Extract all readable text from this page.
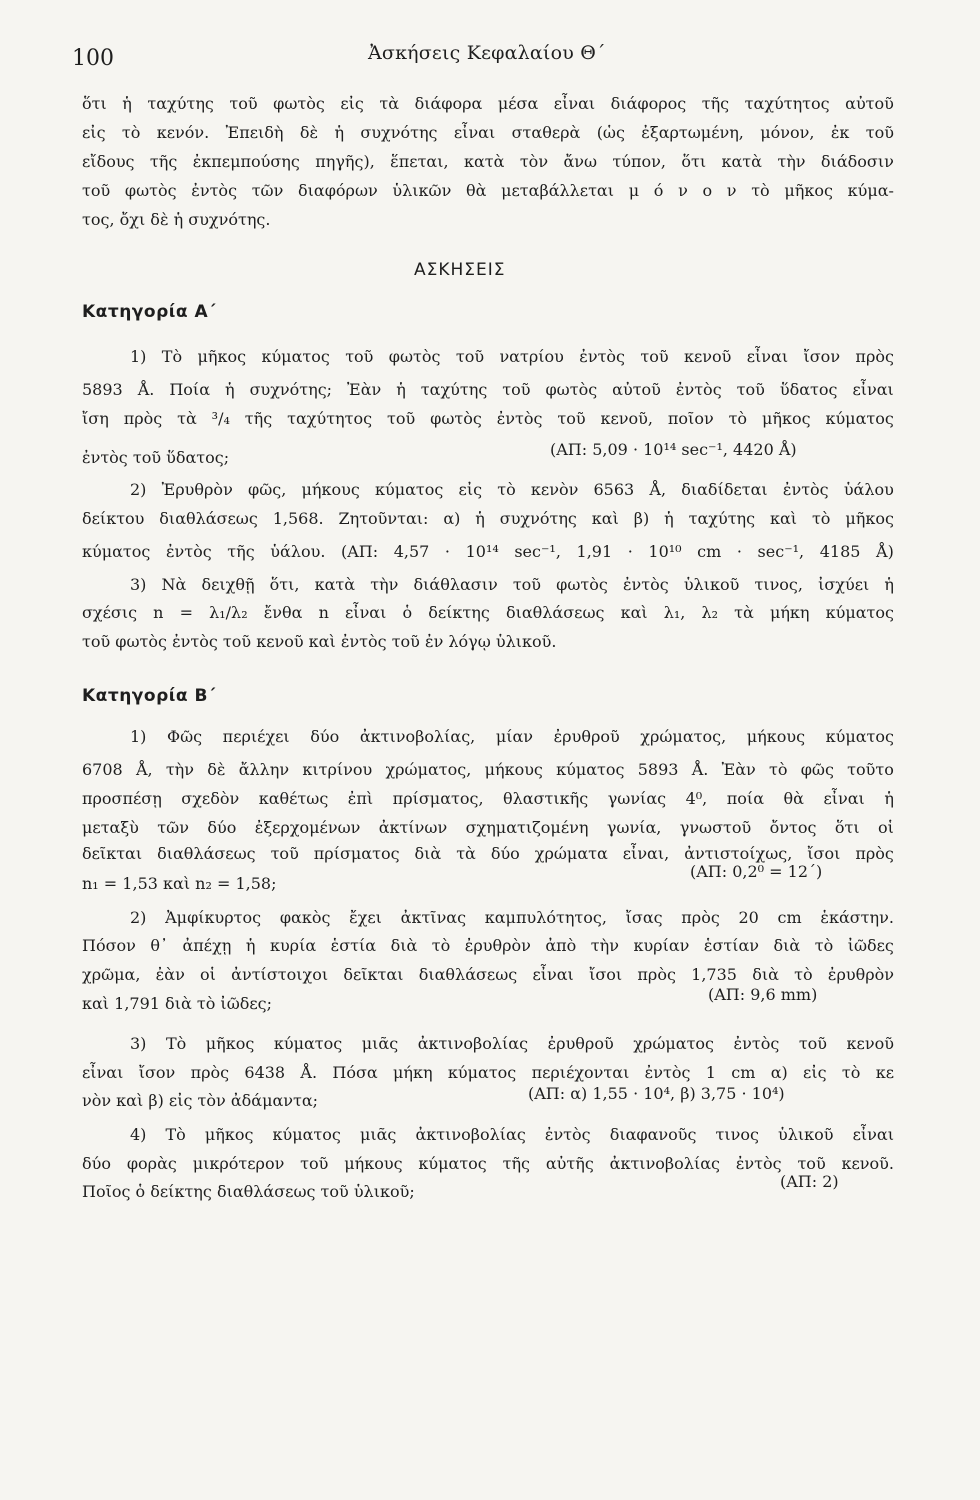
100	Ἀσκήσεις Κεφαλαίου Θ΄
ὅτι ἡ ταχύτης τοῦ φωτὸς εἰς τὰ διάφορα μέσα εἶναι διάφορος τῆς ταχύτητος αὐτοῦ
εἰς τὸ κενόν. Ἐπειδὴ δὲ ἡ συχνότης εἶναι σταθερὰ (ὡς ἐξαρτωμένη, μόνον, ἐκ τοῦ
εἴδους τῆς ἐκπεμπούσης πηγῆς), ἕπεται, κατὰ τὸν ἄνω τύπον, ὅτι κατὰ τὴν διάδοσιν
τοῦ φωτὸς ἐντὸς τῶν διαφόρων ὑλικῶν θὰ μεταβάλλεται μ ό ν ο ν τὸ μῆκος κύμα-
τος, ὄχι δὲ ἡ συχνότης.
ΑΣΚΗΣΕΙΣ
Κατηγορία Α΄
1) Τὸ μῆκος κύματος τοῦ φωτὸς τοῦ νατρίου ἐντὸς τοῦ κενοῦ εἶναι ἴσον πρὸς
5893 Å. Ποία ἡ συχνότης; Ἐὰν ἡ ταχύτης τοῦ φωτὸς αὐτοῦ ἐντὸς τοῦ ὕδατος εἶναι
ἴση πρὸς τὰ ³/₄ τῆς ταχύτητος τοῦ φωτὸς ἐντὸς τοῦ κενοῦ, ποῖον τὸ μῆκος κύματος
ἐντὸς τοῦ ὕδατος;	(ΑΠ: 5,09 · 10¹⁴ sec⁻¹, 4420 Å)
2) Ἐρυθρὸν φῶς, μήκους κύματος εἰς τὸ κενὸν 6563 Å, διαδίδεται ἐντὸς ὑάλου
δείκτου διαθλάσεως 1,568. Ζητοῦνται: α) ἡ συχνότης καὶ β) ἡ ταχύτης καὶ τὸ μῆκος
κύματος ἐντὸς τῆς ὑάλου. (ΑΠ: 4,57 · 10¹⁴ sec⁻¹, 1,91 · 10¹⁰ cm · sec⁻¹, 4185 Å)
3) Νὰ δειχθῇ ὅτι, κατὰ τὴν διάθλασιν τοῦ φωτὸς ἐντὸς ὑλικοῦ τινος, ἰσχύει ἡ
σχέσις n = λ₁/λ₂ ἔνθα n εἶναι ὁ δείκτης διαθλάσεως καὶ λ₁, λ₂ τὰ μήκη κύματος
τοῦ φωτὸς ἐντὸς τοῦ κενοῦ καὶ ἐντὸς τοῦ ἐν λόγῳ ὑλικοῦ.
Κατηγορία Β΄
1) Φῶς περιέχει δύο ἀκτινοβολίας, μίαν ἐρυθροῦ χρώματος, μήκους κύματος
6708 Å, τὴν δὲ ἄλλην κιτρίνου χρώματος, μήκους κύματος 5893 Å. Ἐὰν τὸ φῶς τοῦτο
προσπέσῃ σχεδὸν καθέτως ἐπὶ πρίσματος, θλαστικῆς γωνίας 4⁰, ποία θὰ εἶναι ἡ
μεταξὺ τῶν δύο ἐξερχομένων ἀκτίνων σχηματιζομένη γωνία, γνωστοῦ ὄντος ὅτι οἱ
δεῖκται διαθλάσεως τοῦ πρίσματος διὰ τὰ δύο χρώματα εἶναι, ἀντιστοίχως, ἴσοι πρὸς
n₁ = 1,53 καὶ n₂ = 1,58;
(ΑΠ: 0,2⁰ = 12΄)
2) Ἀμφίκυρτος φακὸς ἔχει ἀκτῖνας καμπυλότητος, ἴσας πρὸς 20 cm ἑκάστην.
Πόσον θ᾿ ἀπέχῃ ἡ κυρία ἑστία διὰ τὸ ἐρυθρὸν ἀπὸ τὴν κυρίαν ἑστίαν διὰ τὸ ἰῶδες
χρῶμα, ἐὰν οἱ ἀντίστοιχοι δεῖκται διαθλάσεως εἶναι ἴσοι πρὸς 1,735 διὰ τὸ ἐρυθρὸν
καὶ 1,791 διὰ τὸ ἰῶδες;	(ΑΠ: 9,6 mm)
3) Τὸ μῆκος κύματος μιᾶς ἀκτινοβολίας ἐρυθροῦ χρώματος ἐντὸς τοῦ κενοῦ
εἶναι ἴσον πρὸς 6438 Å. Πόσα μήκη κύματος περιέχονται ἐντὸς 1 cm α) εἰς τὸ κε
νὸν καὶ β) εἰς τὸν ἀδάμαντα;	(ΑΠ: α) 1,55 · 10⁴, β) 3,75 · 10⁴)
4) Τὸ μῆκος κύματος μιᾶς ἀκτινοβολίας ἐντὸς διαφανοῦς τινος ὑλικοῦ εἶναι
δύο φορὰς μικρότερον τοῦ μήκους κύματος τῆς αὐτῆς ἀκτινοβολίας ἐντὸς τοῦ κενοῦ.
Ποῖος ὁ δείκτης διαθλάσεως τοῦ ὑλικοῦ;
(ΑΠ: 2)
